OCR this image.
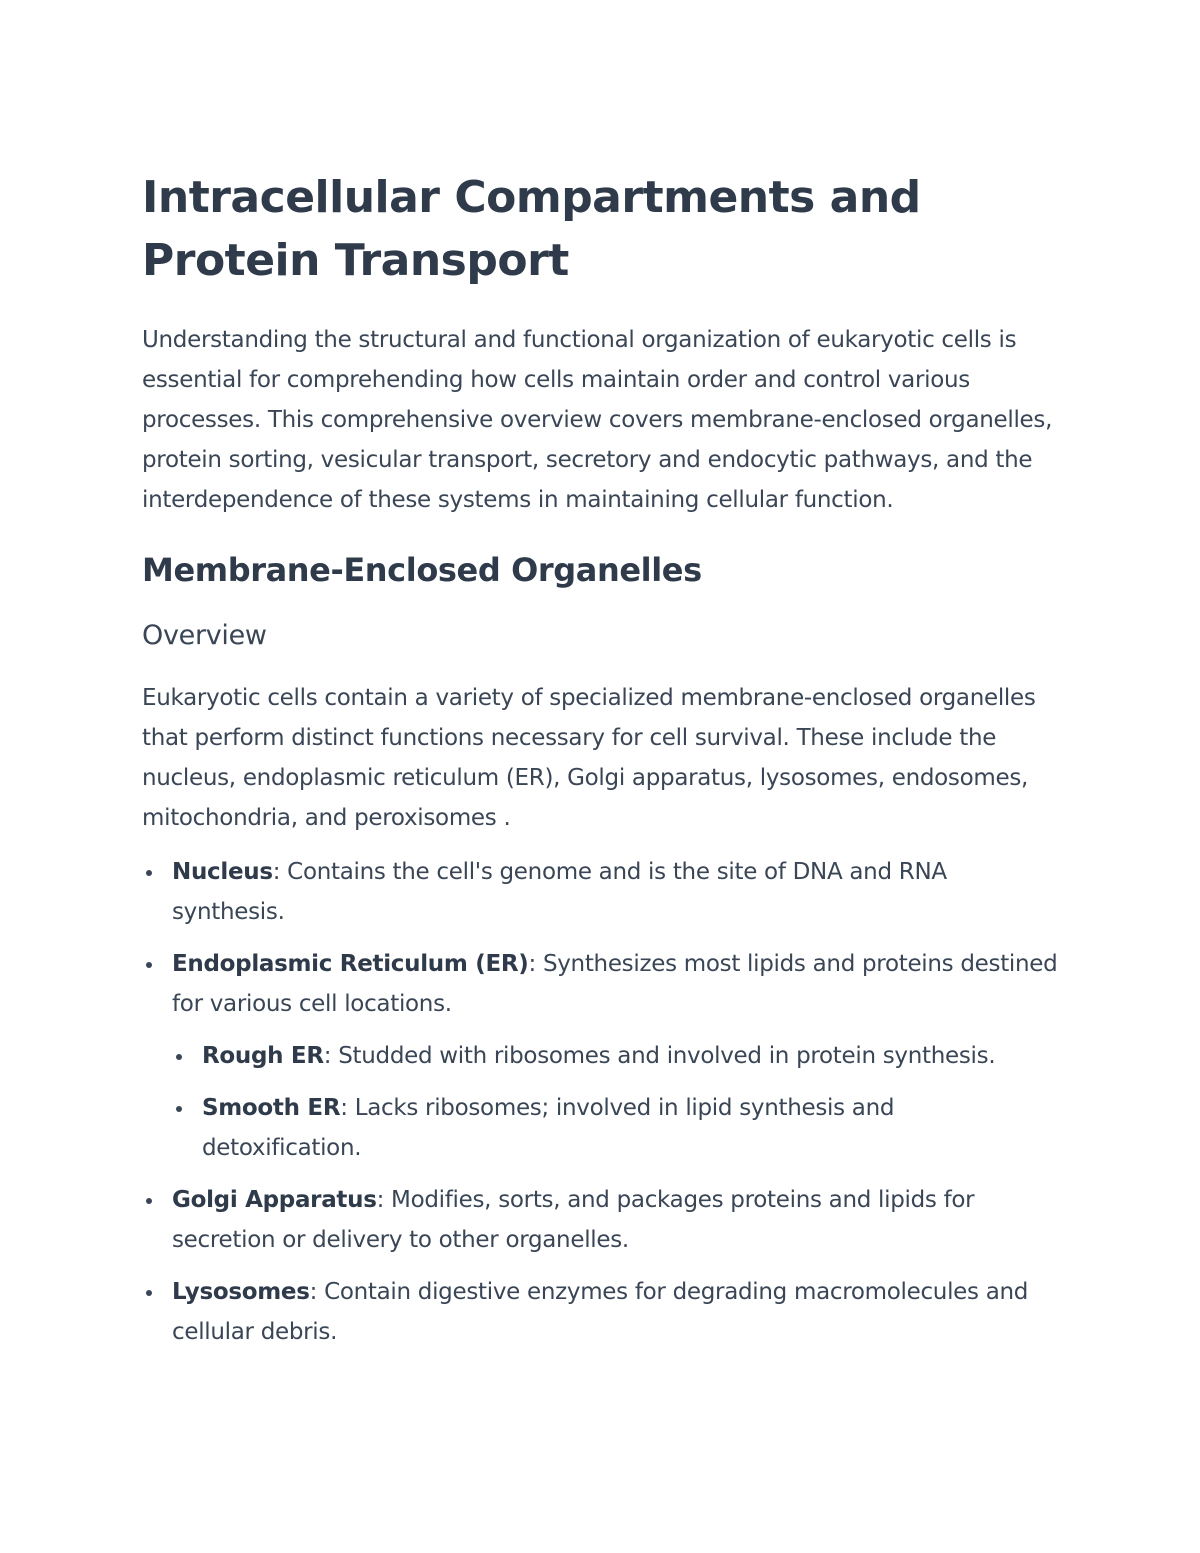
Intracellular Compartments and Protein Transport

Understanding the structural and functional organization of eukaryotic cells is essential for comprehending how cells maintain order and control various processes. This comprehensive overview covers membrane-enclosed organelles, protein sorting, vesicular transport, secretory and endocytic pathways, and the interdependence of these systems in maintaining cellular function.

Membrane-Enclosed Organelles
Overview

Eukaryotic cells contain a variety of specialized membrane-enclosed organelles that perform distinct functions necessary for cell survival. These include the nucleus, endoplasmic reticulum (ER), Golgi apparatus, lysosomes, endosomes, mitochondria, and peroxisomes .

Nucleus: Contains the cell's genome and is the site of DNA and RNA synthesis.
Endoplasmic Reticulum (ER): Synthesizes most lipids and proteins destined for various cell locations.
Rough ER: Studded with ribosomes and involved in protein synthesis.
Smooth ER: Lacks ribosomes; involved in lipid synthesis and detoxification.
Golgi Apparatus: Modifies, sorts, and packages proteins and lipids for secretion or delivery to other organelles.
Lysosomes: Contain digestive enzymes for degrading macromolecules and cellular debris.
